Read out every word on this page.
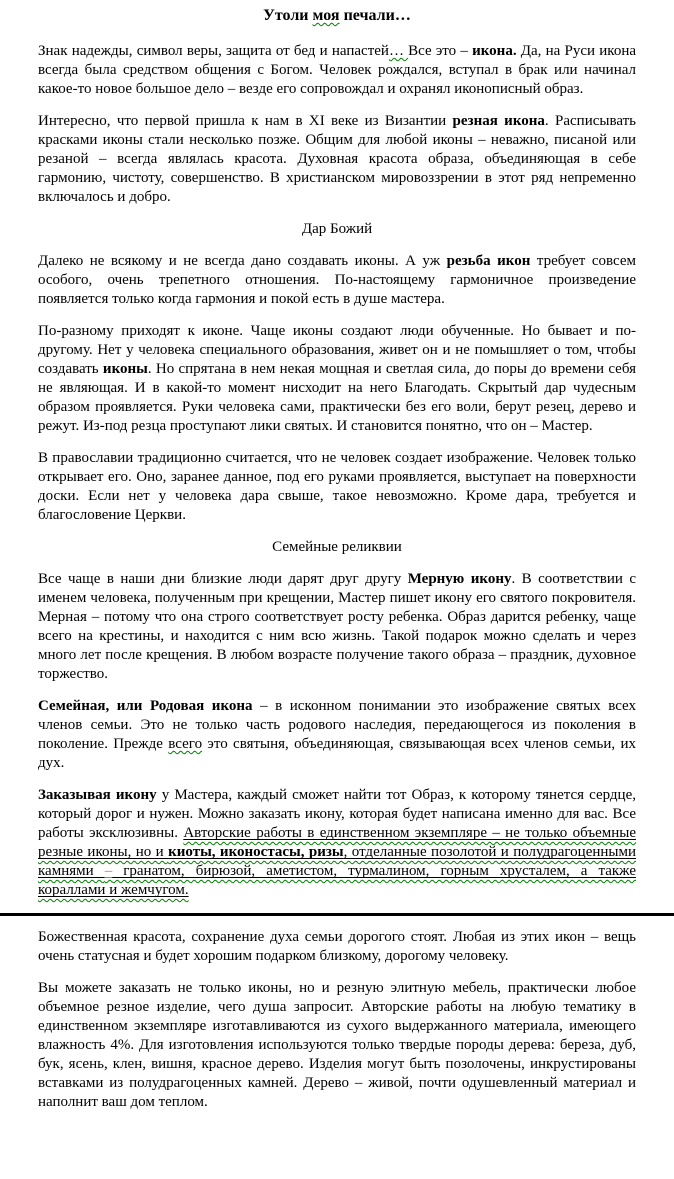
Утоли моя печали…

Знак надежды, символ веры, защита от бед и напастей… Все это – икона. Да, на Руси икона всегда была средством общения с Богом. Человек рождался, вступал в брак или начинал какое-то новое большое дело – везде его сопровождал и охранял иконописный образ.

Интересно, что первой пришла к нам в XI веке из Византии резная икона. Расписывать красками иконы стали несколько позже. Общим для любой иконы – неважно, писаной или резаной – всегда являлась красота. Духовная красота образа, объединяющая в себе гармонию, чистоту, совершенство. В христианском мировоззрении в этот ряд непременно включалось и добро.

Дар Божий

Далеко не всякому и не всегда дано создавать иконы. А уж резьба икон требует совсем особого, очень трепетного отношения. По-настоящему гармоничное произведение появляется только когда гармония и покой есть в душе мастера.

По-разному приходят к иконе. Чаще иконы создают люди обученные. Но бывает и по-другому. Нет у человека специального образования, живет он и не помышляет о том, чтобы создавать иконы. Но спрятана в нем некая мощная и светлая сила, до поры до времени себя не являющая. И в какой-то момент нисходит на него Благодать. Скрытый дар чудесным образом проявляется. Руки человека сами, практически без его воли, берут резец, дерево и режут. Из-под резца проступают лики святых. И становится понятно, что он – Мастер.

В православии традиционно считается, что не человек создает изображение. Человек только открывает его. Оно, заранее данное, под его руками проявляется, выступает на поверхности доски. Если нет у человека дара свыше, такое невозможно. Кроме дара, требуется и благословение Церкви.

Семейные реликвии

Все чаще в наши дни близкие люди дарят друг другу Мерную икону. В соответствии с именем человека, полученным при крещении, Мастер пишет икону его святого покровителя. Мерная – потому что она строго соответствует росту ребенка. Образ дарится ребенку, чаще всего на крестины, и находится с ним всю жизнь. Такой подарок можно сделать и через много лет после крещения. В любом возрасте получение такого образа – праздник, духовное торжество.

Семейная, или Родовая икона – в исконном понимании это изображение святых всех членов семьи. Это не только часть родового наследия, передающегося из поколения в поколение. Прежде всего это святыня, объединяющая, связывающая всех членов семьи, их дух.

Заказывая икону у Мастера, каждый сможет найти тот Образ, к которому тянется сердце, который дорог и нужен. Можно заказать икону, которая будет написана именно для вас. Все работы эксклюзивны. Авторские работы в единственном экземпляре – не только объемные резные иконы, но и киоты, иконостасы, ризы, отделанные позолотой и полудрагоценными камнями – гранатом, бирюзой, аметистом, турмалином, горным хрусталем, а также кораллами и жемчугом.

Божественная красота, сохранение духа семьи дорогого стоят. Любая из этих икон – вещь очень статусная и будет хорошим подарком близкому, дорогому человеку.

Вы можете заказать не только иконы, но и резную элитную мебель, практически любое объемное резное изделие, чего душа запросит. Авторские работы на любую тематику в единственном экземпляре изготавливаются из сухого выдержанного материала, имеющего влажность 4%. Для изготовления используются только твердые породы дерева: береза, дуб, бук, ясень, клен, вишня, красное дерево. Изделия могут быть позолочены, инкрустированы вставками из полудрагоценных камней. Дерево – живой, почти одушевленный материал и наполнит ваш дом теплом.
